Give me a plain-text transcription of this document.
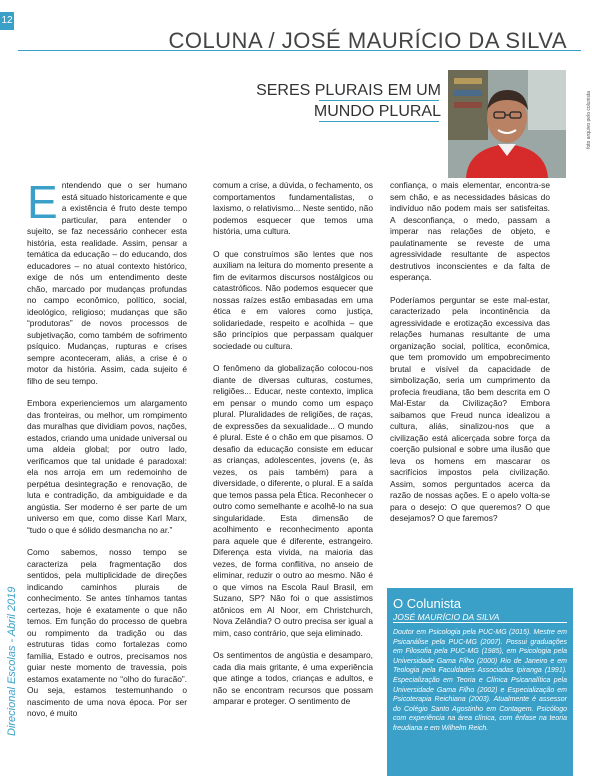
12
Direcional Escolas - Abril 2019
COLUNA / JOSÉ MAURÍCIO DA SILVA
SERES PLURAIS EM UM MUNDO PLURAL	foto arquivo pelo colunista

Entendendo que o ser humano está situado historicamente e que a existência é fruto deste tempo particular, para entender o sujeito, se faz necessário conhecer esta história, esta realidade. Assim, pensar a temática da educação – do educando, dos educadores – no atual contexto histórico, exige de nós um entendimento deste chão, marcado por mudanças profundas no campo econômico, político, social, ideológico, religioso; mudanças que são “produtoras” de novos processos de subjetivação, como também de sofrimento psíquico. Mudanças, rupturas e crises sempre aconteceram, aliás, a crise é o motor da história. Assim, cada sujeito é filho de seu tempo.

Embora experienciemos um alargamento das fronteiras, ou melhor, um rompimento das muralhas que dividiam povos, nações, estados, criando uma unidade universal ou uma aldeia global; por outro lado, verificamos que tal unidade é paradoxal: ela nos arroja em um redemoinho de perpétua desintegração e renovação, de luta e contradição, da ambiguidade e da angústia. Ser moderno é ser parte de um universo em que, como disse Karl Marx, “tudo o que é sólido desmancha no ar.”

Como sabemos, nosso tempo se caracteriza pela fragmentação dos sentidos, pela multiplicidade de direções indicando caminhos plurais de conhecimento. Se antes tínhamos tantas certezas, hoje é exatamente o que não temos. Em função do processo de quebra ou rompimento da tradição ou das estruturas tidas como fortalezas como família, Estado e outros, precisamos nos guiar neste momento de travessia, pois estamos exatamente no “olho do furacão”. Ou seja, estamos testemunhando o nascimento de uma nova época. Por ser novo, é muito

comum a crise, a dúvida, o fechamento, os comportamentos fundamentalistas, o laxismo, o relativismo... Neste sentido, não podemos esquecer que temos uma história, uma cultura.

O que construímos são lentes que nos auxiliam na leitura do momento presente a fim de evitarmos discursos nostálgicos ou catastróficos. Não podemos esquecer que nossas raízes estão embasadas em uma ética e em valores como justiça, solidariedade, respeito e acolhida – que são princípios que perpassam qualquer sociedade ou cultura.

O fenômeno da globalização colocou-nos diante de diversas culturas, costumes, religiões... Educar, neste contexto, implica em pensar o mundo como um espaço plural. Pluralidades de religiões, de raças, de expressões da sexualidade... O mundo é plural. Este é o chão em que pisamos. O desafio da educação consiste em educar as crianças, adolescentes, jovens (e, às vezes, os pais também) para a diversidade, o diferente, o plural. E a saída que temos passa pela Ética. Reconhecer o outro como semelhante e acolhê-lo na sua singularidade. Esta dimensão de acolhimento e reconhecimento aponta para aquele que é diferente, estrangeiro. Diferença esta vivida, na maioria das vezes, de forma conflitiva, no anseio de eliminar, reduzir o outro ao mesmo. Não é o que vimos na Escola Raul Brasil, em Suzano, SP? Não foi o que assistimos atônicos em Al Noor, em Christchurch, Nova Zelândia? O outro precisa ser igual a mim, caso contrário, que seja eliminado.

Os sentimentos de angústia e desamparo, cada dia mais gritante, é uma experiência que atinge a todos, crianças e adultos, e não se encontram recursos que possam amparar e proteger. O sentimento de

confiança, o mais elementar, encontra-se sem chão, e as necessidades básicas do indivíduo não podem mais ser satisfeitas. A desconfiança, o medo, passam a imperar nas relações de objeto, e paulatinamente se reveste de uma agressividade resultante de aspectos destrutivos inconscientes e da falta de esperança.

Poderíamos perguntar se este mal-estar, caracterizado pela incontinência da agressividade e erotização excessiva das relações humanas resultante de uma organização social, política, econômica, que tem promovido um empobrecimento brutal e visível da capacidade de simbolização, seria um cumprimento da profecia freudiana, tão bem descrita em O Mal-Estar da Civilização? Embora saibamos que Freud nunca idealizou a cultura, aliás, sinalizou-nos que a civilização está alicerçada sobre força da coerção pulsional e sobre uma ilusão que leva os homens em mascarar os sacrifícios impostos pela civilização. Assim, somos perguntados acerca da razão de nossas ações. E o apelo volta-se para o desejo: O que queremos? O que desejamos? O que faremos?

O Colunista
JOSÉ MAURÍCIO DA SILVA
Doutor em Psicologia pela PUC-MG (2015). Mestre em Psicanálise pela PUC-MG (2007). Possui graduações em Filosofia pela PUC-MG (1985), em Psicologia pela Universidade Gama Filho (2000) Rio de Janeiro e em Teologia pela Faculdades Associadas Ipiranga (1991). Especialização em Teoria e Clínica Psicanalítica pela Universidade Gama Filho (2002) e Especialização em Psicoterapia Reichiana (2003). Atualmente é assessor do Colégio Santo Agostinho em Contagem. Psicólogo com experiência na área clínica, com ênfase na teoria freudiana e em Wilhelm Reich.
